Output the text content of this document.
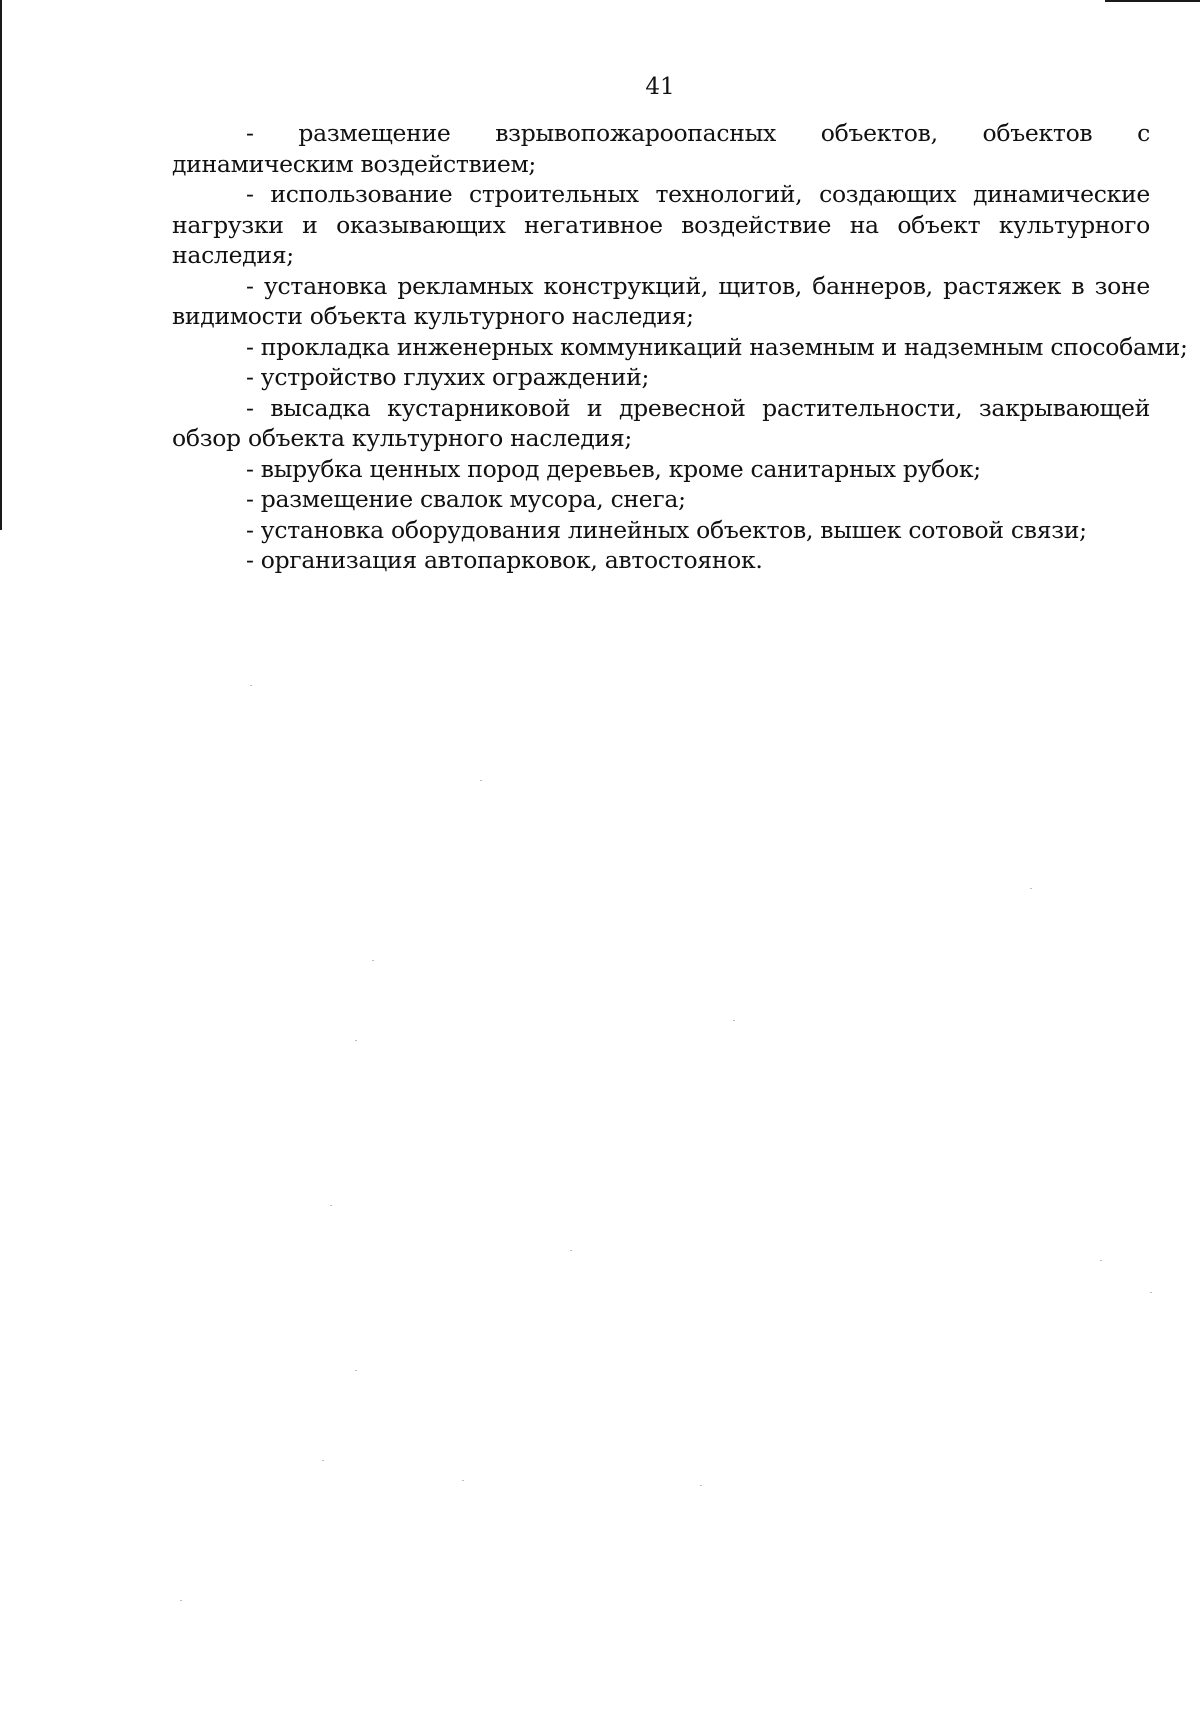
41

- размещение взрывопожароопасных объектов, объектов с динамическим воздействием;

- использование строительных технологий, создающих динамические нагрузки и оказывающих негативное воздействие на объект культурного наследия;

- установка рекламных конструкций, щитов, баннеров, растяжек в зоне видимости объекта культурного наследия;

- прокладка инженерных коммуникаций наземным и надземным способами;

- устройство глухих ограждений;

- высадка кустарниковой и древесной растительности, закрывающей обзор объекта культурного наследия;

- вырубка ценных пород деревьев, кроме санитарных рубок;

- размещение свалок мусора, снега;

- установка оборудования линейных объектов, вышек сотовой связи;

- организация автопарковок, автостоянок.
